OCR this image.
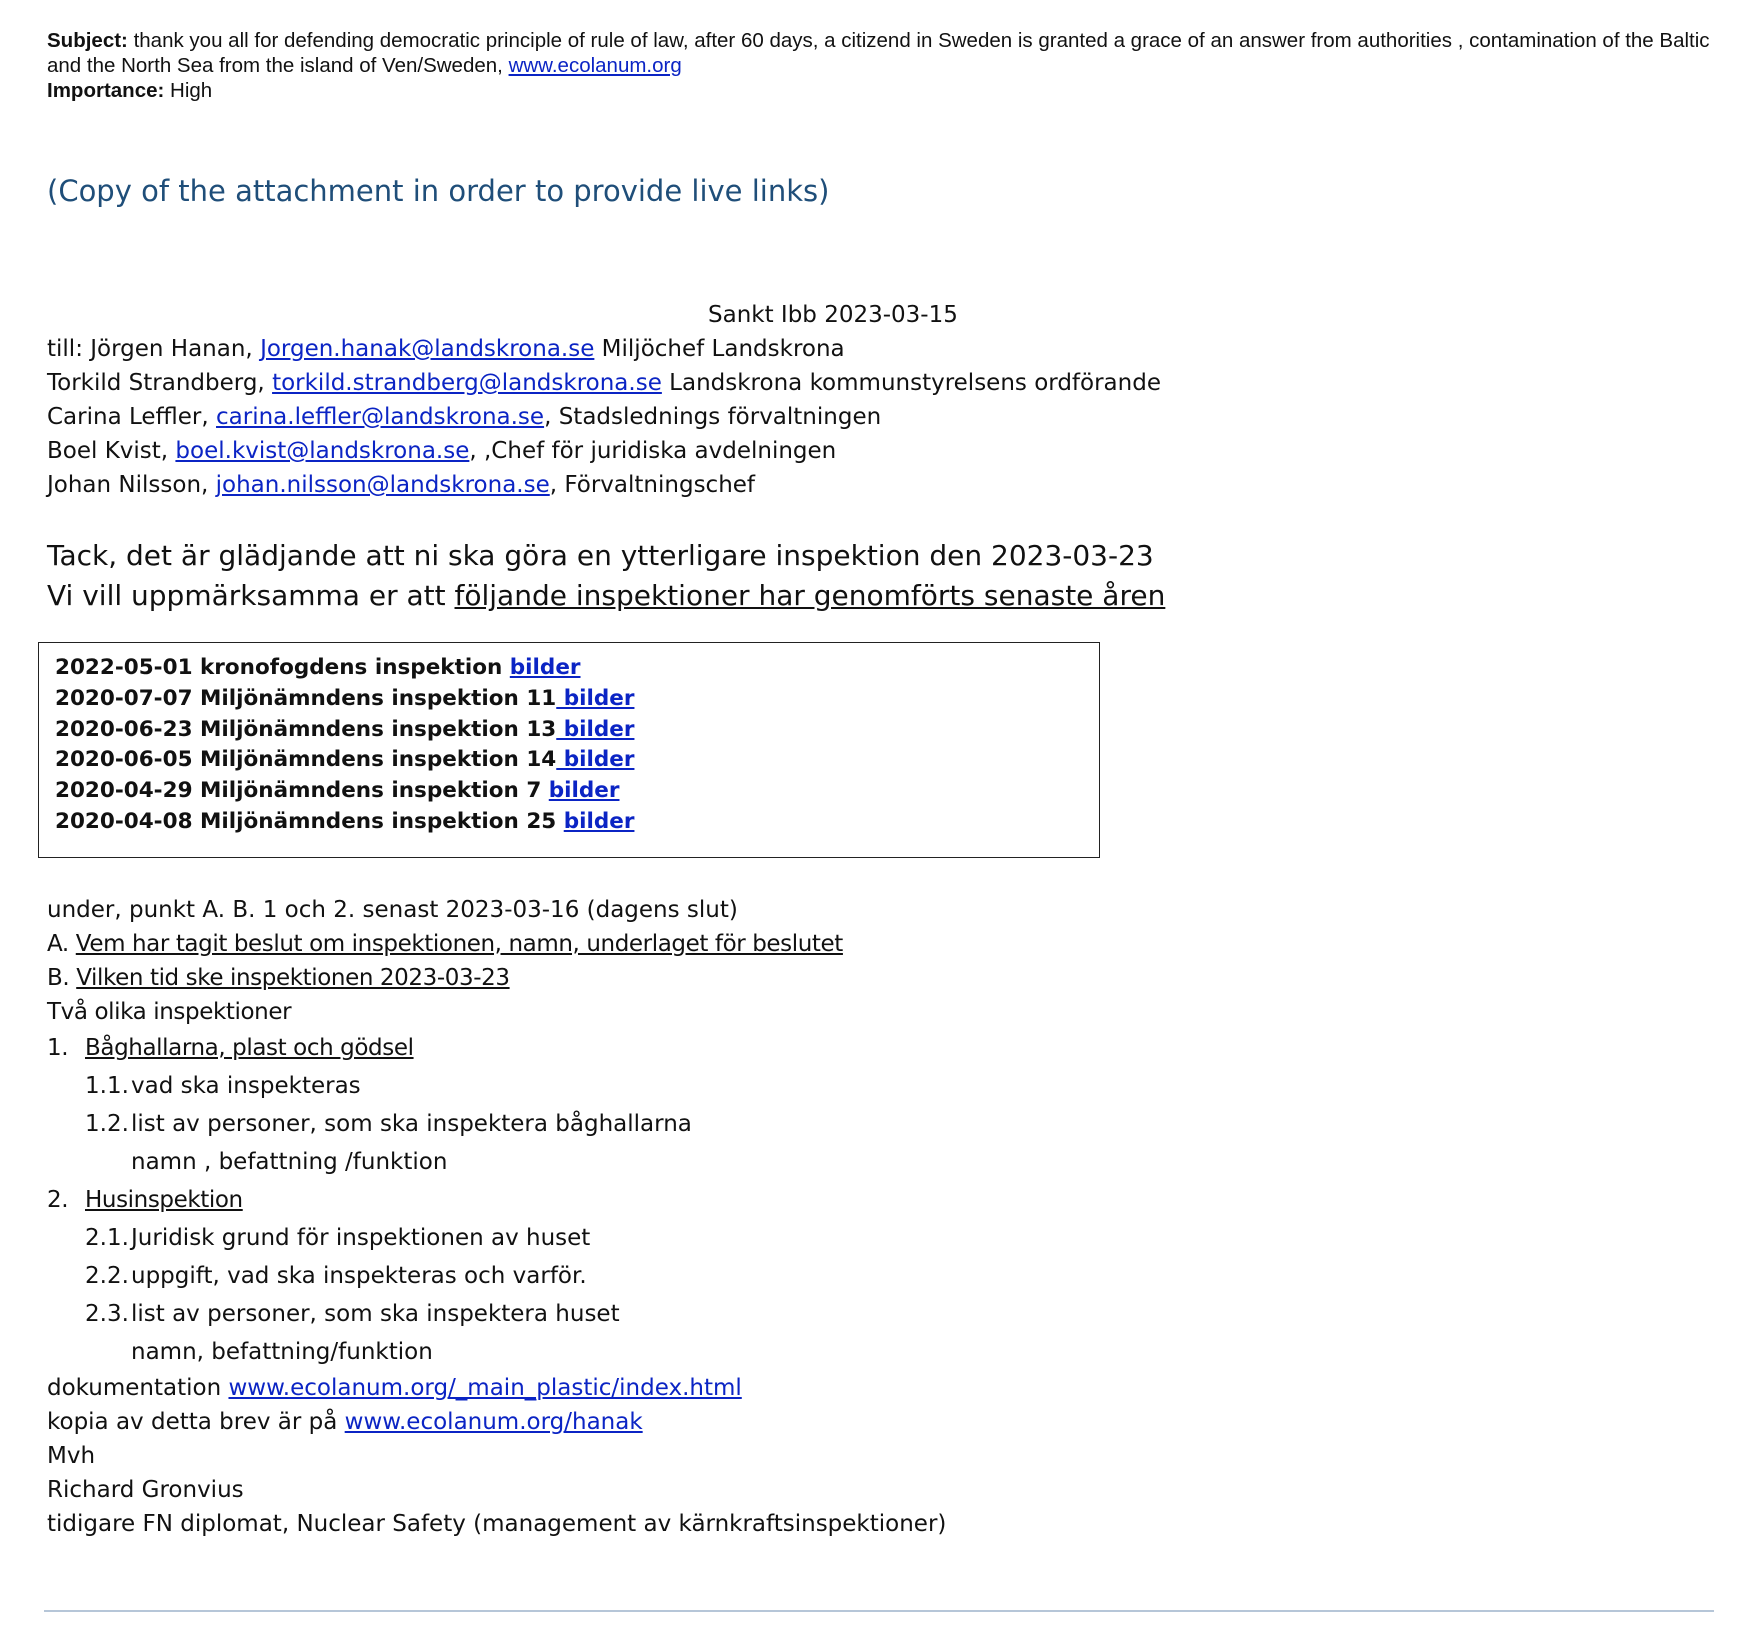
Subject: thank you all for defending democratic principle of rule of law, after 60 days, a citizend in Sweden is granted a grace of an answer from authorities , contamination of the Baltic and the North Sea from the island of Ven/Sweden, www.ecolanum.org
Importance: High
(Copy of the attachment in order to provide live links)
Sankt Ibb 2023-03-15
till: Jörgen Hanan, Jorgen.hanak@landskrona.se Miljöchef Landskrona
Torkild Strandberg, torkild.strandberg@landskrona.se Landskrona kommunstyrelsens ordförande
Carina Leffler, carina.leffler@landskrona.se, Stadslednings förvaltningen
Boel Kvist, boel.kvist@landskrona.se, ,Chef för juridiska avdelningen
Johan Nilsson, johan.nilsson@landskrona.se, Förvaltningschef
Tack, det är glädjande att ni ska göra en ytterligare inspektion den 2023-03-23
Vi vill uppmärksamma er att följande inspektioner har genomförts senaste åren
2022-05-01 kronofogdens inspektion bilder
2020-07-07 Miljönämndens inspektion 11 bilder
2020-06-23 Miljönämndens inspektion 13 bilder
2020-06-05 Miljönämndens inspektion 14 bilder
2020-04-29 Miljönämndens inspektion 7 bilder
2020-04-08 Miljönämndens inspektion 25 bilder
under, punkt A. B. 1 och 2. senast 2023-03-16 (dagens slut)
A. Vem har tagit beslut om inspektionen, namn, underlaget för beslutet
B. Vilken tid ske inspektionen 2023-03-23
Två olika inspektioner
1. Båghallarna, plast och gödsel
1.1.vad ska inspekteras
1.2.list av personer, som ska inspektera båghallarna
namn , befattning /funktion
2. Husinspektion
2.1.Juridisk grund för inspektionen av huset
2.2.uppgift, vad ska inspekteras och varför.
2.3.list av personer, som ska inspektera huset
namn, befattning/funktion
dokumentation www.ecolanum.org/_main_plastic/index.html
kopia av detta brev är på www.ecolanum.org/hanak
Mvh
Richard Gronvius
tidigare FN diplomat, Nuclear Safety (management av kärnkraftsinspektioner)
